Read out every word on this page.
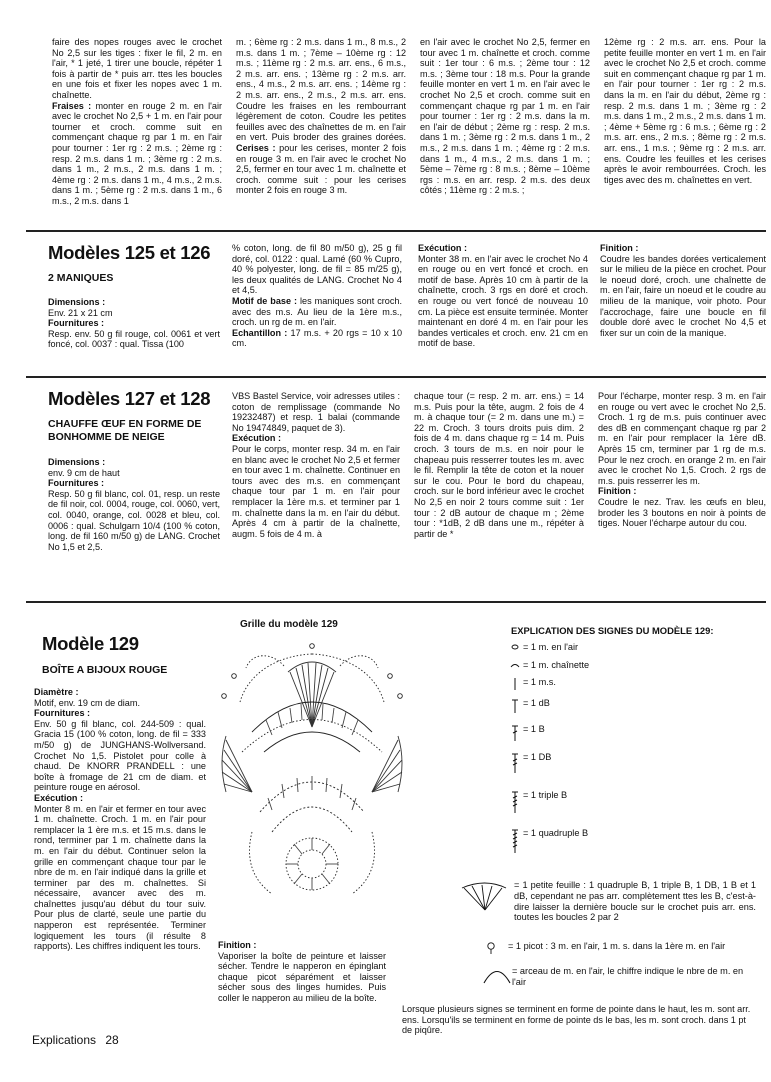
faire des nopes rouges avec le crochet No 2,5 sur les tiges : fixer le fil, 2 m. en l'air, * 1 jeté, 1 tirer une boucle, répéter 1 fois à partir de * puis arr. ttes les boucles en une fois et fixer les nopes avec 1 m. chaînette.
Fraises : monter en rouge 2 m. en l'air avec le crochet No 2,5 + 1 m. en l'air pour tourner et croch. comme suit en commençant chaque rg par 1 m. en l'air pour tourner : 1er rg : 2 m.s. ; 2ème rg : resp. 2 m.s. dans 1 m. ; 3ème rg : 2 m.s. dans 1 m., 2 m.s., 2 m.s. dans 1 m. ; 4ème rg : 2 m.s. dans 1 m., 4 m.s., 2 m.s. dans 1 m. ; 5ème rg : 2 m.s. dans 1 m., 6 m.s., 2 m.s. dans 1

m. ; 6ème rg : 2 m.s. dans 1 m., 8 m.s., 2 m.s. dans 1 m. ; 7ème – 10ème rg : 12 m.s. ; 11ème rg : 2 m.s. arr. ens., 6 m.s., 2 m.s. arr. ens. ; 13ème rg : 2 m.s. arr. ens., 4 m.s., 2 m.s. arr. ens. ; 14ème rg : 2 m.s. arr. ens., 2 m.s., 2 m.s. arr. ens. Coudre les fraises en les rembourrant légèrement de coton. Coudre les petites feuilles avec des chaînettes de m. en l'air en vert. Puis broder des graines dorées. Cerises : pour les cerises, monter 2 fois en rouge 3 m. en l'air avec le crochet No 2,5, fermer en tour avec 1 m. chaînette et croch. comme suit : pour les cerises monter 2 fois en rouge 3 m.

en l'air avec le crochet No 2,5, fermer en tour avec 1 m. chaînette et croch. comme suit : 1er tour : 6 m.s. ; 2ème tour : 12 m.s. ; 3ème tour : 18 m.s. Pour la grande feuille monter en vert 1 m. en l'air avec le crochet No 2,5 et croch. comme suit en commençant chaque rg par 1 m. en l'air pour tourner : 1er rg : 2 m.s. dans la m. en l'air de début ; 2ème rg : resp. 2 m.s. dans 1 m. ; 3ème rg : 2 m.s. dans 1 m., 2 m.s., 2 m.s. dans 1 m. ; 4ème rg : 2 m.s. dans 1 m., 4 m.s., 2 m.s. dans 1 m. ; 5ème – 7ème rg : 8 m.s. ; 8ème – 10ème rgs : m.s. en arr. resp. 2 m.s. des deux côtés ; 11ème rg : 2 m.s. ;

12ème rg : 2 m.s. arr. ens. Pour la petite feuille monter en vert 1 m. en l'air avec le crochet No 2,5 et croch. comme suit en commençant chaque rg par 1 m. en l'air pour tourner : 1er rg : 2 m.s. dans la m. en l'air du début, 2ème rg : resp. 2 m.s. dans 1 m. ; 3ème rg : 2 m.s. dans 1 m., 2 m.s., 2 m.s. dans 1 m. ; 4ème + 5ème rg : 6 m.s. ; 6ème rg : 2 m.s. arr. ens., 2 m.s. ; 8ème rg : 2 m.s. arr. ens., 1 m.s. ; 9ème rg : 2 m.s. arr. ens. Coudre les feuilles et les cerises après le avoir rembourrées. Croch. les tiges avec des m. chaînettes en vert.

Modèles 125 et 126
2 MANIQUES

Dimensions :
Env. 21 x 21 cm
Fournitures :
Resp. env. 50 g fil rouge, col. 0061 et vert foncé, col. 0037 : qual. Tissa (100

% coton, long. de fil 80 m/50 g), 25 g fil doré, col. 0122 : qual. Lamé (60 % Cupro, 40 % polyester, long. de fil = 85 m/25 g), les deux qualités de LANG. Crochet No 4 et 4,5.
Motif de base : les maniques sont croch. avec des m.s. Au lieu de la 1ère m.s., croch. un rg de m. en l'air.
Echantillon : 17 m.s. + 20 rgs = 10 x 10 cm.

Exécution :
Monter 38 m. en l'air avec le crochet No 4 en rouge ou en vert foncé et croch. en motif de base. Après 10 cm à partir de la chaînette, croch. 3 rgs en doré et croch. en rouge ou vert foncé de nouveau 10 cm. La pièce est ensuite terminée. Monter maintenant en doré 4 m. en l'air pour les bandes verticales et croch. env. 21 cm en motif de base.

Finition :
Coudre les bandes dorées verticalement sur le milieu de la pièce en crochet. Pour le noeud doré, croch. une chaînette de m. en l'air, faire un noeud et le coudre au milieu de la manique, voir photo. Pour l'accrochage, faire une boucle en fil double doré avec le crochet No 4,5 et fixer sur un coin de la manique.

Modèles 127 et 128
CHAUFFE ŒUF EN FORME DE BONHOMME DE NEIGE

Dimensions :
env. 9 cm de haut
Fournitures :
Resp. 50 g fil blanc, col. 01, resp. un reste de fil noir, col. 0004, rouge, col. 0060, vert, col. 0040, orange, col. 0028 et bleu, col. 0006 : qual. Schulgarn 10/4 (100 % coton, long. de fil 160 m/50 g) de LANG. Crochet No 1,5 et 2,5.

VBS Bastel Service, voir adresses utiles : coton de remplissage (commande No 19232487) et resp. 1 balai (commande No 19474849, paquet de 3).
Exécution :
Pour le corps, monter resp. 34 m. en l'air en blanc avec le crochet No 2,5 et fermer en tour avec 1 m. chaînette. Continuer en tours avec des m.s. en commençant chaque tour par 1 m. en l'air pour remplacer la 1ère m.s. et terminer par 1 m. chaînette dans la m. en l'air du début. Après 4 cm à partir de la chaînette, augm. 5 fois de 4 m. à

chaque tour (= resp. 2 m. arr. ens.) = 14 m.s. Puis pour la tête, augm. 2 fois de 4 m. à chaque tour (= 2 m. dans une m.) = 22 m. Croch. 3 tours droits puis dim. 2 fois de 4 m. dans chaque rg = 14 m. Puis croch. 3 tours de m.s. en noir pour le chapeau puis resserrer toutes les m. avec le fil. Remplir la tête de coton et la nouer sur le cou. Pour le bord du chapeau, croch. sur le bord inférieur avec le crochet No 2,5 en noir 2 tours comme suit : 1er tour : 2 dB autour de chaque m ; 2ème tour : *1dB, 2 dB dans une m., répéter à partir de *

Pour l'écharpe, monter resp. 3 m. en l'air en rouge ou vert avec le crochet No 2,5. Croch. 1 rg de m.s. puis continuer avec des dB en commençant chaque rg par 2 m. en l'air pour remplacer la 1ère dB. Après 15 cm, terminer par 1 rg de m.s. Pour le nez croch. en orange 2 m. en l'air avec le crochet No 1,5. Croch. 2 rgs de m.s. puis resserrer les m.
Finition :
Coudre le nez. Trav. les œufs en bleu, broder les 3 boutons en noir à points de tiges. Nouer l'écharpe autour du cou.

Modèle 129
BOÎTE A BIJOUX ROUGE

Diamètre :
Motif, env. 19 cm de diam.
Fournitures :
Env. 50 g fil blanc, col. 244-509 : qual. Gracia 15 (100 % coton, long. de fil = 333 m/50 g) de JUNGHANS-Wollversand. Crochet No 1,5. Pistolet pour colle à chaud. De KNORR PRANDELL : une boîte à fromage de 21 cm de diam. et peinture rouge en aérosol.
Exécution :
Monter 8 m. en l'air et fermer en tour avec 1 m. chaînette. Croch. 1 m. en l'air pour remplacer la 1 ère m.s. et 15 m.s. dans le rond, terminer par 1 m. chaînette dans la m. en l'air du début. Continuer selon la grille en commençant chaque tour par le nbre de m. en l'air indiqué dans la grille et terminer par des m. chaînettes. Si nécessaire, avancer avec des m. chaînettes jusqu'au début du tour suiv. Pour plus de clarté, seule une partie du napperon est représentée. Terminer logiquement les tours (il résulte 8 rapports). Les chiffres indiquent les tours.

Grille du modèle 129

Finition :
Vaporiser la boîte de peinture et laisser sécher. Tendre le napperon en épinglant chaque picot séparément et laisser sécher sous des linges humides. Puis coller le napperon au milieu de la boîte.

EXPLICATION DES SIGNES DU MODÈLE 129:
= 1 m. en l'air
= 1 m. chaînette
= 1 m.s.
= 1 dB
= 1 B
= 1 DB
= 1 triple B
= 1 quadruple B
= 1 petite feuille : 1 quadruple B, 1 triple B, 1 DB, 1 B et 1 dB, cependant ne pas arr. complètement ttes les B, c'est-à-dire laisser la dernière boucle sur le crochet puis arr. ens. toutes les boucles 2 par 2
= 1 picot : 3 m. en l'air, 1 m. s. dans la 1ère m. en l'air
= arceau de m. en l'air, le chiffre indique le nbre de m. en l'air
Lorsque plusieurs signes se terminent en forme de pointe dans le haut, les m. sont arr. ens. Lorsqu'ils se terminent en forme de pointe ds le bas, les m. sont croch. dans 1 pt de piqûre.
Explications 28
